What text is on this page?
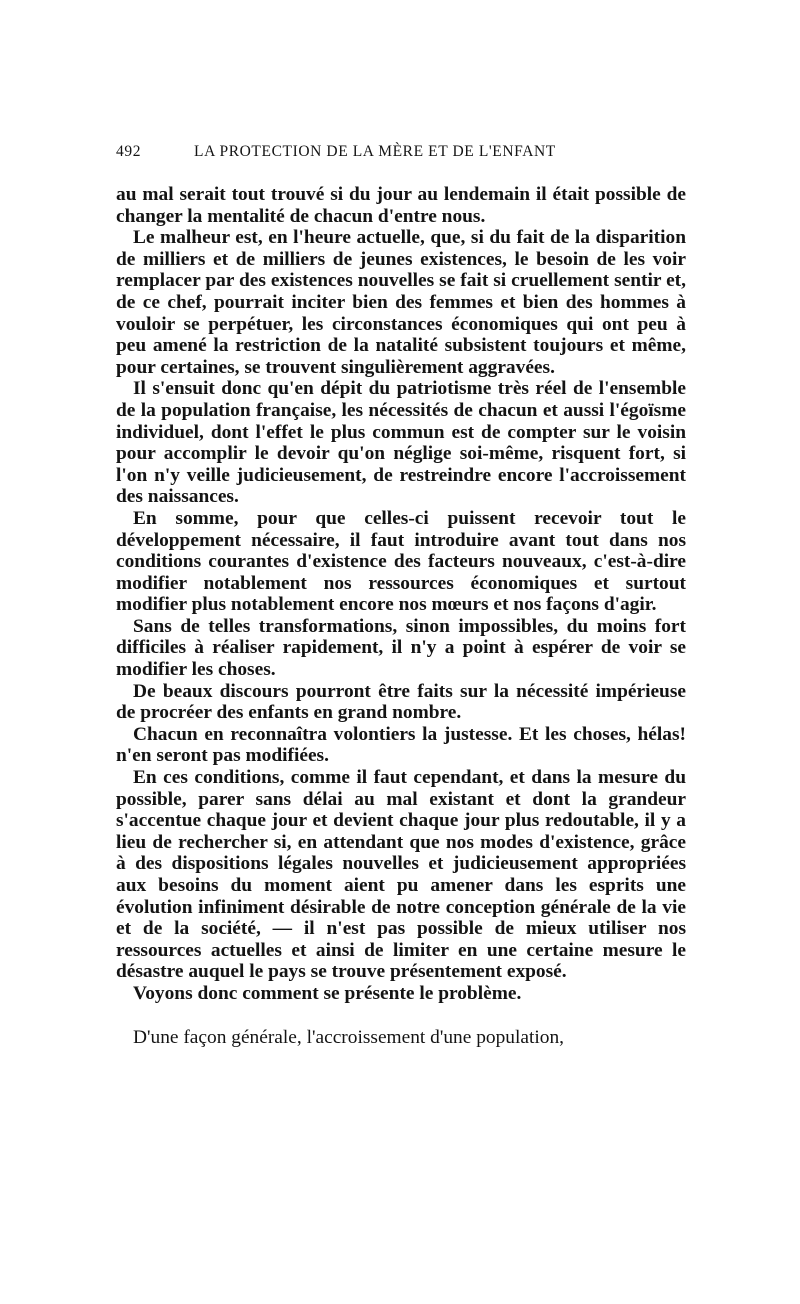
492	LA PROTECTION DE LA MÈRE ET DE L'ENFANT

au mal serait tout trouvé si du jour au lendemain il était possible de changer la mentalité de chacun d'entre nous.

Le malheur est, en l'heure actuelle, que, si du fait de la disparition de milliers et de milliers de jeunes existences, le besoin de les voir remplacer par des existences nouvelles se fait si cruellement sentir et, de ce chef, pourrait inciter bien des femmes et bien des hommes à vouloir se perpétuer, les circonstances économiques qui ont peu à peu amené la restriction de la natalité subsistent toujours et même, pour certaines, se trouvent singulièrement aggravées.

Il s'ensuit donc qu'en dépit du patriotisme très réel de l'ensemble de la population française, les nécessités de chacun et aussi l'égoïsme individuel, dont l'effet le plus commun est de compter sur le voisin pour accomplir le devoir qu'on néglige soi-même, risquent fort, si l'on n'y veille judicieusement, de restreindre encore l'accroissement des naissances.

En somme, pour que celles-ci puissent recevoir tout le développement nécessaire, il faut introduire avant tout dans nos conditions courantes d'existence des facteurs nouveaux, c'est-à-dire modifier notablement nos ressources économiques et surtout modifier plus notablement encore nos mœurs et nos façons d'agir.

Sans de telles transformations, sinon impossibles, du moins fort difficiles à réaliser rapidement, il n'y a point à espérer de voir se modifier les choses.

De beaux discours pourront être faits sur la nécessité impérieuse de procréer des enfants en grand nombre.

Chacun en reconnaîtra volontiers la justesse. Et les choses, hélas! n'en seront pas modifiées.

En ces conditions, comme il faut cependant, et dans la mesure du possible, parer sans délai au mal existant et dont la grandeur s'accentue chaque jour et devient chaque jour plus redoutable, il y a lieu de rechercher si, en attendant que nos modes d'existence, grâce à des dispositions légales nouvelles et judicieusement appropriées aux besoins du moment aient pu amener dans les esprits une évolution infiniment désirable de notre conception générale de la vie et de la société, — il n'est pas possible de mieux utiliser nos ressources actuelles et ainsi de limiter en une certaine mesure le désastre auquel le pays se trouve présentement exposé.

Voyons donc comment se présente le problème.

D'une façon générale, l'accroissement d'une population,
